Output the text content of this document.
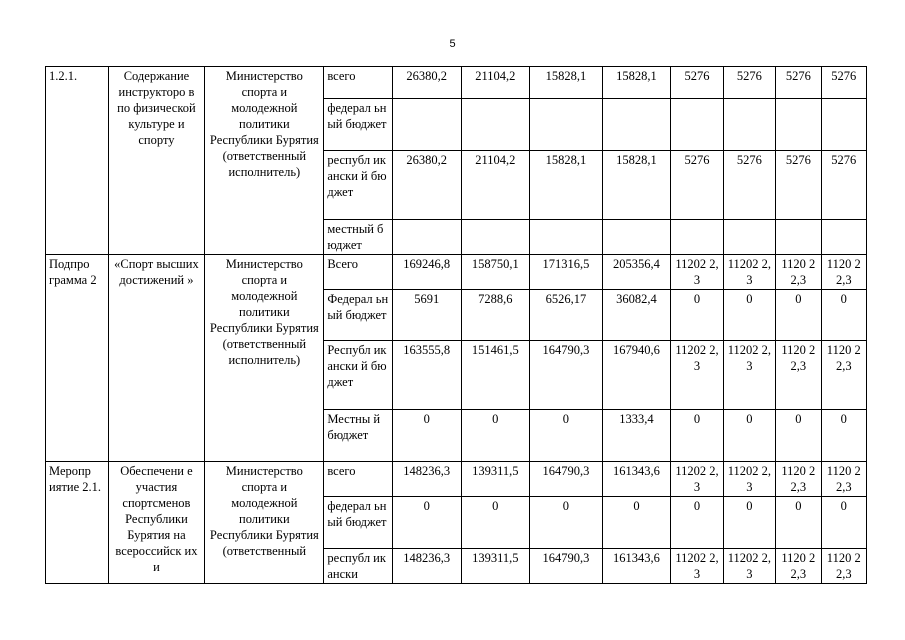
5
1.2.1.	Содержание инструкторо в по физической культуре и спорту	Министерство спорта и молодежной политики Республики Бурятия (ответственный исполнитель)	всего	26380,2	21104,2	15828,1	15828,1	5276	5276	5276	5276
			федерал ьный бюджет								
			республ икански й бюджет	26380,2	21104,2	15828,1	15828,1	5276	5276	5276	5276
			местный бюджет								
Подпро грамма 2	«Спорт высших достижений »	Министерство спорта и молодежной политики Республики Бурятия (ответственный исполнитель)	Всего	169246,8	158750,1	171316,5	205356,4	11202 2,3	11202 2,3	1120 22,3	1120 22,3
			Федерал ьный бюджет	5691	7288,6	6526,17	36082,4	0	0	0	0
			Республ икански й бюджет	163555,8	151461,5	164790,3	167940,6	11202 2,3	11202 2,3	1120 22,3	1120 22,3
			Местны й бюджет	0	0	0	1333,4	0	0	0	0
Меропр иятие 2.1.	Обеспечени е участия спортсменов Республики Бурятия на всероссийск их и	Министерство спорта и молодежной политики Республики Бурятия (ответственный	всего	148236,3	139311,5	164790,3	161343,6	11202 2,3	11202 2,3	1120 22,3	1120 22,3
			федерал ьный бюджет	0	0	0	0	0	0	0	0
			республ икански	148236,3	139311,5	164790,3	161343,6	11202 2,3	11202 2,3	1120 22,3	1120 22,3
